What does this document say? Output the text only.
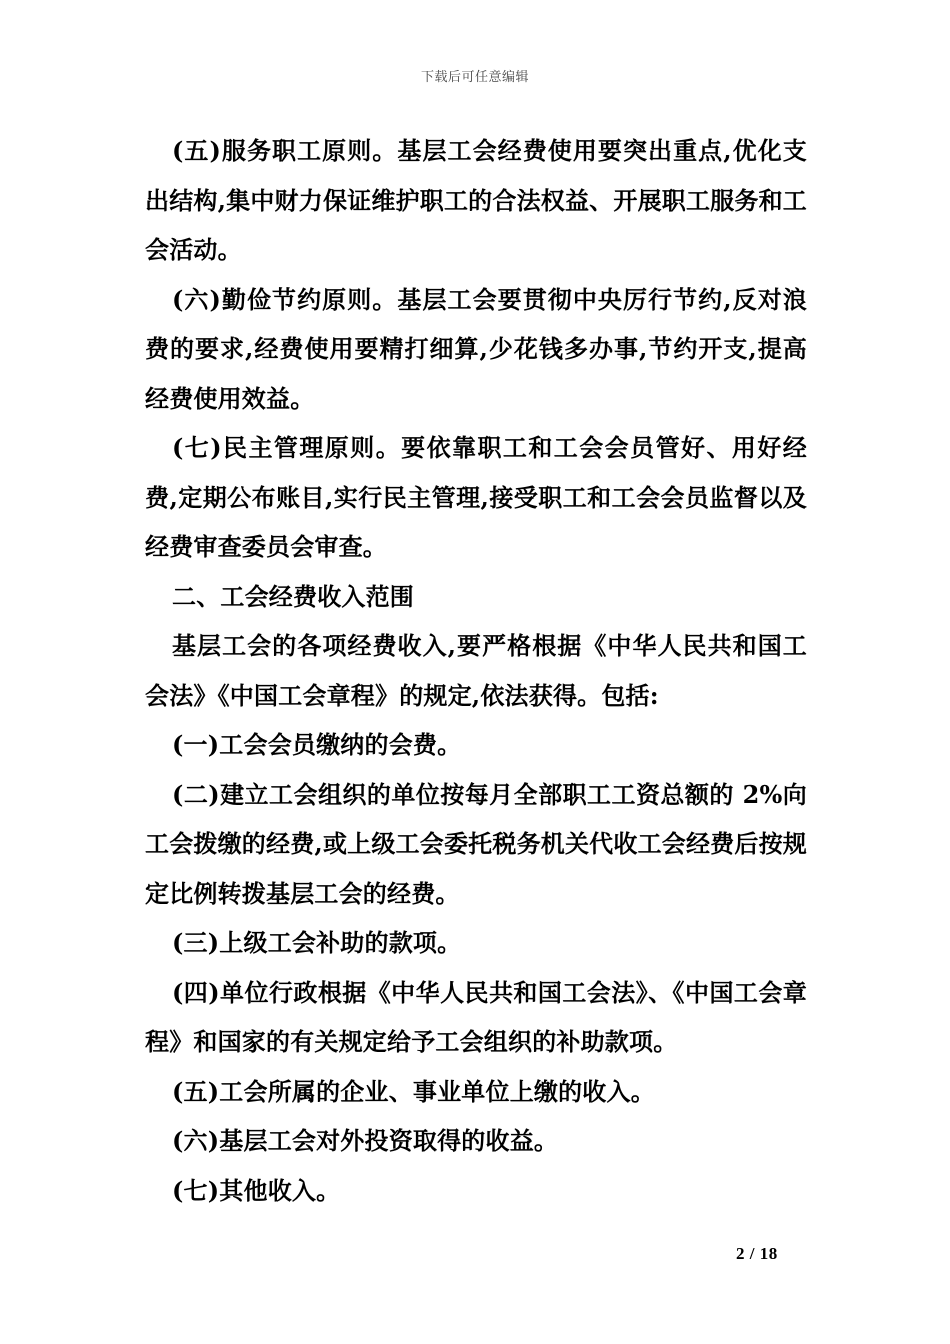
下载后可任意编辑

(五)服务职工原则。基层工会经费使用要突出重点,优化支出结构,集中财力保证维护职工的合法权益、开展职工服务和工会活动。

(六)勤俭节约原则。基层工会要贯彻中央厉行节约,反对浪费的要求,经费使用要精打细算,少花钱多办事,节约开支,提高经费使用效益。

(七)民主管理原则。要依靠职工和工会会员管好、用好经费,定期公布账目,实行民主管理,接受职工和工会会员监督以及经费审查委员会审查。

二、工会经费收入范围

基层工会的各项经费收入,要严格根据《中华人民共和国工会法》《中国工会章程》的规定,依法获得。包括:

(一)工会会员缴纳的会费。

(二)建立工会组织的单位按每月全部职工工资总额的 2%向工会拨缴的经费,或上级工会委托税务机关代收工会经费后按规定比例转拨基层工会的经费。

(三)上级工会补助的款项。

(四)单位行政根据《中华人民共和国工会法》、《中国工会章程》和国家的有关规定给予工会组织的补助款项。

(五)工会所属的企业、事业单位上缴的收入。

(六)基层工会对外投资取得的收益。

(七)其他收入。

2 / 18
